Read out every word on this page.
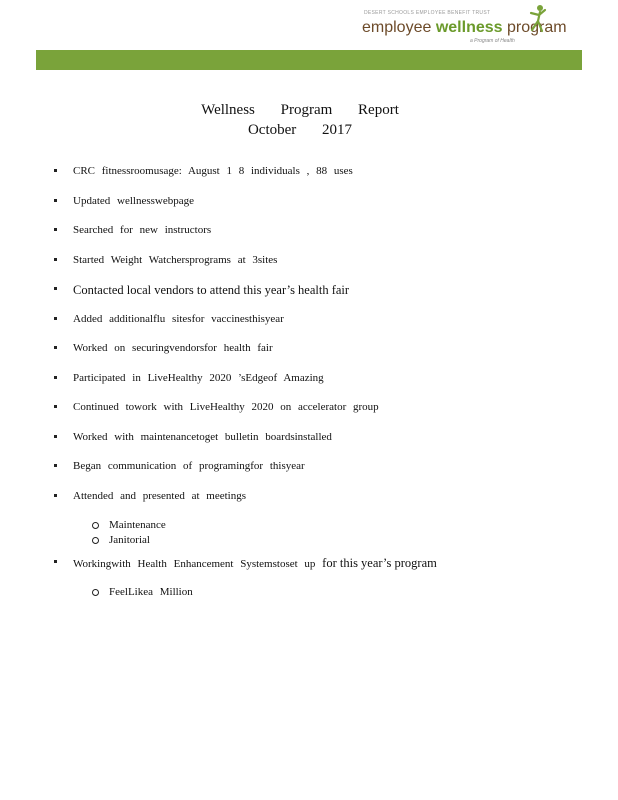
DESERT SCHOOLS EMPLOYEE BENEFIT TRUST
employee wellness program
a Program of Health
Wellness Program Report
October 2017
CRC fitnessroomusage: August 1 8 individuals , 88 uses
Updated wellnesswebpage
Searched for new instructors
Started Weight Watchersprograms at 3sites
Contacted local vendors to attend this year’s health fair
Added additionalflu sitesfor vaccinesthisyear
Worked on securingvendorsfor health fair
Participated in LiveHealthy 2020 ’sEdgeof Amazing
Continued towork with LiveHealthy 2020 on accelerator group
Worked with maintenancetoget bulletin boardsinstalled
Began communication of programingfor thisyear
Attended and presented at meetings
Maintenance
Janitorial
Workingwith Health Enhancement Systemstoset up for this year’s program
FeelLikea Million
